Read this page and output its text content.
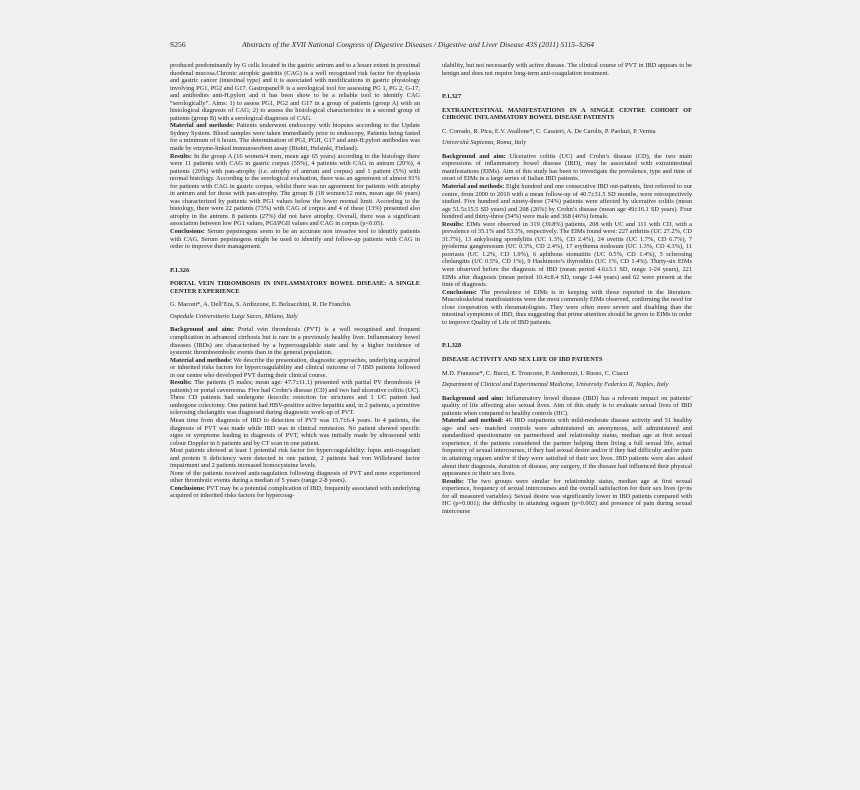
S256	Abstracts of the XVII National Congress of Digestive Diseases / Digestive and Liver Disease 43S (2011) S115–S264

produced predominantly by G cells located in the gastric antrum and to a lesser extent in proximal duodenal mucosa.Chronic atrophic gastritis (CAG) is a well recognised risk factor for dysplasia and gastric cancer (intestinal type) and it is associated with modifications in gastric physiology involving PG1, PG2 and G17. Gastropanel® is a serological tool for assessing PG 1, PG 2, G-17, and antibodies anti-H.pylori and it has been show to be a reliable tool to identify CAG “serologically”. Aims: 1) to assess PG1, PG2 and G17 in a group of patients (group A) with an histological diagnosis of CAG; 2) to assess the histological characteristics in a second group of patients (group B) with a serological diagnosis of CAG.

Material and methods: Patients underwent endoscopy with biopsies according to the Update Sydney System. Blood samples were taken immediately prior to endoscopy, Patients being fasted for a minimum of 6 hours. The determination of PGI, PGII, G17 and anti-H.pylori antibodies was made by enzyme-linked immunosorbent assay (Biohit, Helsinki, Finland).

Results: In the group A (16 women/4 men, mean age 65 years) according to the histology there were 11 patients with CAG in gastric corpus (55%), 4 patients with CAG in antrum (20%), 4 patients (20%) with pan-atrophy (i.e. atrophy of antrum and corpus) and 1 patient (5%) with normal histology. According to the serological evaluation, there was an agreement of almost 91% for patients with CAG in gastric corpus, whilst there was no agreement for patients with atrophy in antrum and for those with pan-atrophy. The group B (18 women/12 men, mean age 66 years) was characterized by patients with PG1 values below the lower normal limit. According to the histology, there were 22 patients (73%) with CAG of corpus and 4 of these (13%) presented also atrophy in the antrum. 8 patients (27%) did not have atrophy. Overall, there was a significant association between low PG1 values, PGI/PGII values and CAG in corpus (p<0.05).

Conclusions: Serum pepsinogens seem to be an accurate non invasive tool to identify patients with CAG. Serum pepsinogens might be used to identify and follow-up patients with CAG in order to improve their management.

P.1.326

PORTAL VEIN THROMBOSIS IN INFLAMMATORY BOWEL DISEASE: A SINGLE CENTER EXPERIENCE

G. Maconi*, A. Dell’Era, S. Ardizzone, E. Bolzacchini, R. De Franchis

Ospedale Universitario Luigi Sacco, Milano, Italy

Background and aim: Portal vein thrombosis (PVT) is a well recognised and frequent complication in advanced cirrhosis but is rare in a previously healthy liver. Inflammatory bowel diseases (IBDs) are characterised by a hypercoagulable state and by a higher incidence of systemic thromboembolic events than in the general population.

Material and methods: We describe the presentation, diagnostic approaches, underlying acquired or inherited risks factors for hypercoagulability and clinical outcome of 7 IBD patients followed in our centre who developed PVT during their clinical course.

Results: The patients (5 males; mean age: 47.7±11.1) presented with partial PV thrombosis (4 patients) or portal cavernoma. Five had Crohn’s disease (CD) and two had ulcerative colitis (UC). Three CD patients had undergone ileocolic resection for strictures and 1 UC patient had undergone colectomy. One patient had HBV-positive active hepatitis and, in 2 patients, a primitive sclerosing cholangitis was diagnosed during diagnostic work-up of PVT.

Mean time from diagnosis of IBD to detection of PVT was 15.7±6.4 years. In 4 patients, the diagnosis of PVT was made while IBD was in clinical remission. No patient showed specific signs or symptoms leading to diagnosis of PVT, which was initially made by ultrasound with colour Doppler in 6 patients and by CT scan in one patient.

Most patients showed at least 1 potential risk factor for hypercoagulability: lupus anti-coagulant and protein S deficiency were detected in one patient, 2 patients had von Willebrand factor impairment and 2 patients increased homocysteine levels.

None of the patients received anticoagulation following diagnosis of PVT and none experienced other thrombotic events during a median of 5 years (range 2-8 years).

Conclusions: PVT may be a potential complication of IBD, frequently associated with underlying acquired or inherited risks factors for hypercoag-

ulability, but not necessarily with active disease. The clinical course of PVT in IBD appears to be benign and does not require long-term anti-coagulation treatment.

P.1.327

EXTRAINTESTINAL MANIFESTATIONS IN A SINGLE CENTRE COHORT OF CHRONIC INFLAMMATORY BOWEL DISEASE PATIENTS

C. Corrado, R. Pica, E.V. Avallone*, C. Cassieri, A. De Carolis, P. Paoluzi, P. Vernia

Università Sapienza, Roma, Italy

Background and aim: Ulcerative colitis (UC) and Crohn’s disease (CD), the two main expressions of inflammatory bowel disease (IBD), may be associated with extraintestinal manifestations (EIMs). Aim of this study has been to investigate the prevalence, type and time of onset of EIMs in a large series of Italian IBD patients.

Material and methods: Eight hundred and one consecutive IBD out-patients, first referred to our centre, from 2000 to 2010 with a mean follow-up of 40.7±31.5 SD months, were retrospectively studied. Five hundred and ninety-three (74%) patients were affected by ulcerative colitis (mean age 51.5±15.5 SD years) and 208 (26%) by Crohn’s disease (mean age 49±16.1 SD years). Four hundred and thirty-three (54%) were male and 368 (46%) female.

Results: EIMs were observed in 319 (39.8%) patients, 208 with UC and 111 with CD, with a prevalence of 35.1% and 53.3%, respectively. The EIMs found were: 227 arthritis (UC 27.2%, CD 31.7%), 13 ankylosing spondylitis (UC 1.3%, CD 2.4%), 24 uveitis (UC 1.7%, CD 6.7%), 7 pyoderma gangrenosum (UC 0.3%, CD 2.4%), 17 erythema nodosum (UC 1.3%, CD 4.3%), 11 psoriasis (UC 1.2%, CD 1.9%), 6 aphthous stomatitis (UC 0.5%, CD 1.4%), 5 sclerosing cholangitis (UC 0.5%, CD 1%), 9 Hashimoto’s thyroiditis (UC 1%, CD 1.4%). Thirty-six EIMs were observed before the diagnosis of IBD (mean period 4.6±3.1 SD, range 1-24 years), 221 EIMs after diagnosis (mean period 10.4±8.4 SD, range 2-44 years) and 62 were present at the time of diagnosis.

Conclusions: The prevalence of EIMs is in keeping with those reported in the literature. Musculoskeletal manifestations were the most commonly EIMs observed, confirming the need for close cooperation with rheumatologists. They were often more severe and disabling than the intestinal symptoms of IBD, thus suggesting that prime attention should be given to EIMs in order to improve Quality of Life of IBD patients.

P.1.328

DISEASE ACTIVITY AND SEX LIFE OF IBD PATIENTS

M.D. Franzese*, C. Bucci, E. Tronconе, P. Andreozzi, I. Russo, C. Ciacci

Department of Clinical and Experimental Medicine, University Federico II, Naples, Italy

Background and aim: Inflammatory bowel disease (IBD) has a relevant impact on patients’ quality of life affecting also sexual lives. Aim of this study is to evaluate sexual lives of IBD patients when compared to healthy controls (HC).

Material and method: 46 IBD outpatients with mild-moderate disease activity and 51 healthy age- and sex- matched controls were administered an anonymous, self administered and standardized questionnaire on partnerhood and relationship status, median age at first sexual experience, if the patients considered the partner helping them living a full sexual life, actual frequency of sexual intercourses, if they had sexual desire and/or if they had difficulty and/or pain in attaining orgasm and/or if they were satisfied of their sex lives. IBD patients were also asked about their diagnosis, duration of disease, any surgery, if the disease had influenced their physical appearance or their sex lives.

Results: The two groups were similar for relationship status, median age at first sexual experience, frequency of sexual intercourses and the overall satisfaction for their sex lives (p=ns for all measured variables). Sexual desire was significantly lower in IBD patients compared with HC (p=0.001); the difficulty in attaining orgasm (p=0.002) and presence of pain during sexual intercourse
